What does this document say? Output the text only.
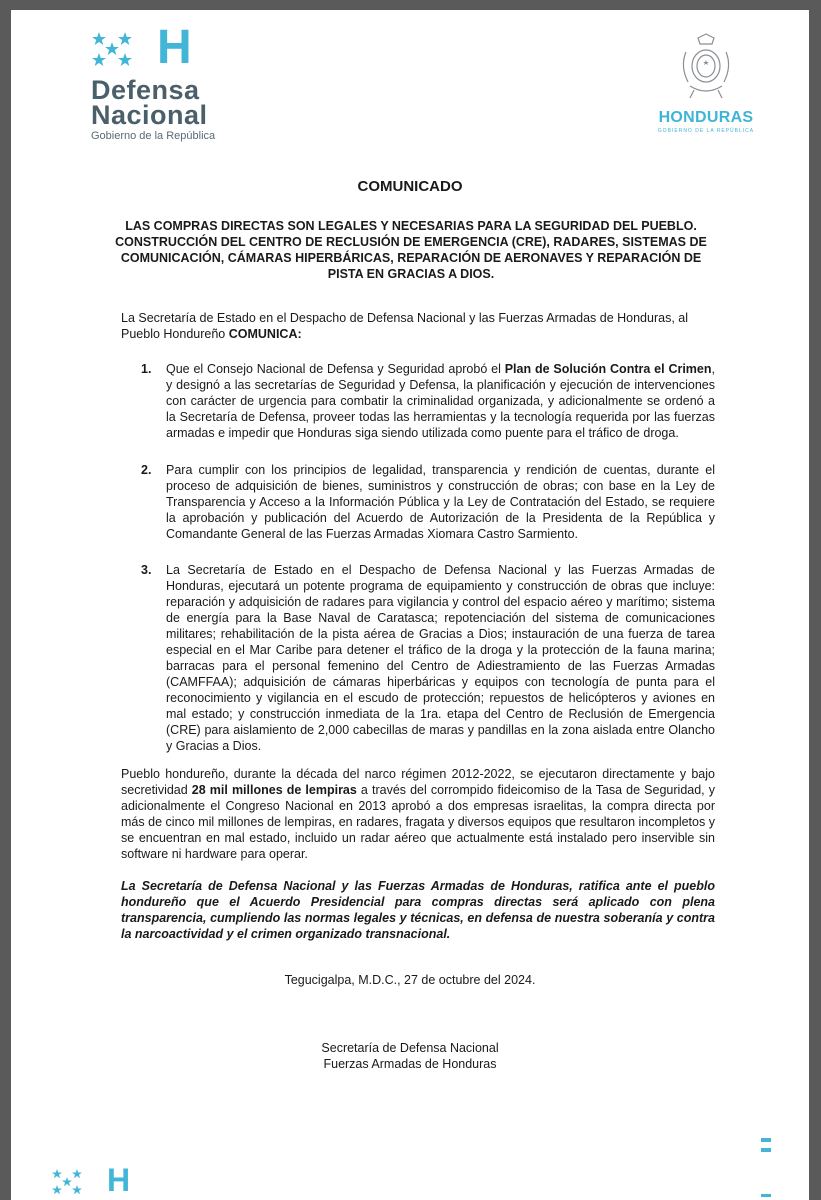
H
Defensa
Nacional
Gobierno de la República
HONDURAS
GOBIERNO DE LA REPÚBLICA
COMUNICADO
LAS COMPRAS DIRECTAS SON LEGALES Y NECESARIAS PARA LA SEGURIDAD DEL PUEBLO.
CONSTRUCCIÓN DEL CENTRO DE RECLUSIÓN DE EMERGENCIA (CRE), RADARES, SISTEMAS DE
COMUNICACIÓN, CÁMARAS HIPERBÁRICAS, REPARACIÓN DE AERONAVES Y REPARACIÓN DE
PISTA EN GRACIAS A DIOS.
La Secretaría de Estado en el Despacho de Defensa Nacional y las Fuerzas Armadas de Honduras, al Pueblo Hondureño COMUNICA:
1. Que el Consejo Nacional de Defensa y Seguridad aprobó el Plan de Solución Contra el Crimen, y designó a las secretarías de Seguridad y Defensa, la planificación y ejecución de intervenciones con carácter de urgencia para combatir la criminalidad organizada, y adicionalmente se ordenó a la Secretaría de Defensa, proveer todas las herramientas y la tecnología requerida por las fuerzas armadas e impedir que Honduras siga siendo utilizada como puente para el tráfico de droga.
2. Para cumplir con los principios de legalidad, transparencia y rendición de cuentas, durante el proceso de adquisición de bienes, suministros y construcción de obras; con base en la Ley de Transparencia y Acceso a la Información Pública y la Ley de Contratación del Estado, se requiere la aprobación y publicación del Acuerdo de Autorización de la Presidenta de la República y Comandante General de las Fuerzas Armadas Xiomara Castro Sarmiento.
3. La Secretaría de Estado en el Despacho de Defensa Nacional y las Fuerzas Armadas de Honduras, ejecutará un potente programa de equipamiento y construcción de obras que incluye: reparación y adquisición de radares para vigilancia y control del espacio aéreo y marítimo; sistema de energía para la Base Naval de Caratasca; repotenciación del sistema de comunicaciones militares; rehabilitación de la pista aérea de Gracias a Dios; instauración de una fuerza de tarea especial en el Mar Caribe para detener el tráfico de la droga y la protección de la fauna marina; barracas para el personal femenino del Centro de Adiestramiento de las Fuerzas Armadas (CAMFFAA); adquisición de cámaras hiperbáricas y equipos con tecnología de punta para el reconocimiento y vigilancia en el escudo de protección; repuestos de helicópteros y aviones en mal estado; y construcción inmediata de la 1ra. etapa del Centro de Reclusión de Emergencia (CRE) para aislamiento de 2,000 cabecillas de maras y pandillas en la zona aislada entre Olancho y Gracias a Dios.
Pueblo hondureño, durante la década del narco régimen 2012-2022, se ejecutaron directamente y bajo secretividad 28 mil millones de lempiras a través del corrompido fideicomiso de la Tasa de Seguridad, y adicionalmente el Congreso Nacional en 2013 aprobó a dos empresas israelitas, la compra directa por más de cinco mil millones de lempiras, en radares, fragata y diversos equipos que resultaron incompletos y se encuentran en mal estado, incluido un radar aéreo que actualmente está instalado pero inservible sin software ni hardware para operar.
La Secretaría de Defensa Nacional y las Fuerzas Armadas de Honduras, ratifica ante el pueblo hondureño que el Acuerdo Presidencial para compras directas será aplicado con plena transparencia, cumpliendo las normas legales y técnicas, en defensa de nuestra soberanía y contra la narcoactividad y el crimen organizado transnacional.
Tegucigalpa, M.D.C., 27 de octubre del 2024.
Secretaría de Defensa Nacional
Fuerzas Armadas de Honduras
H
